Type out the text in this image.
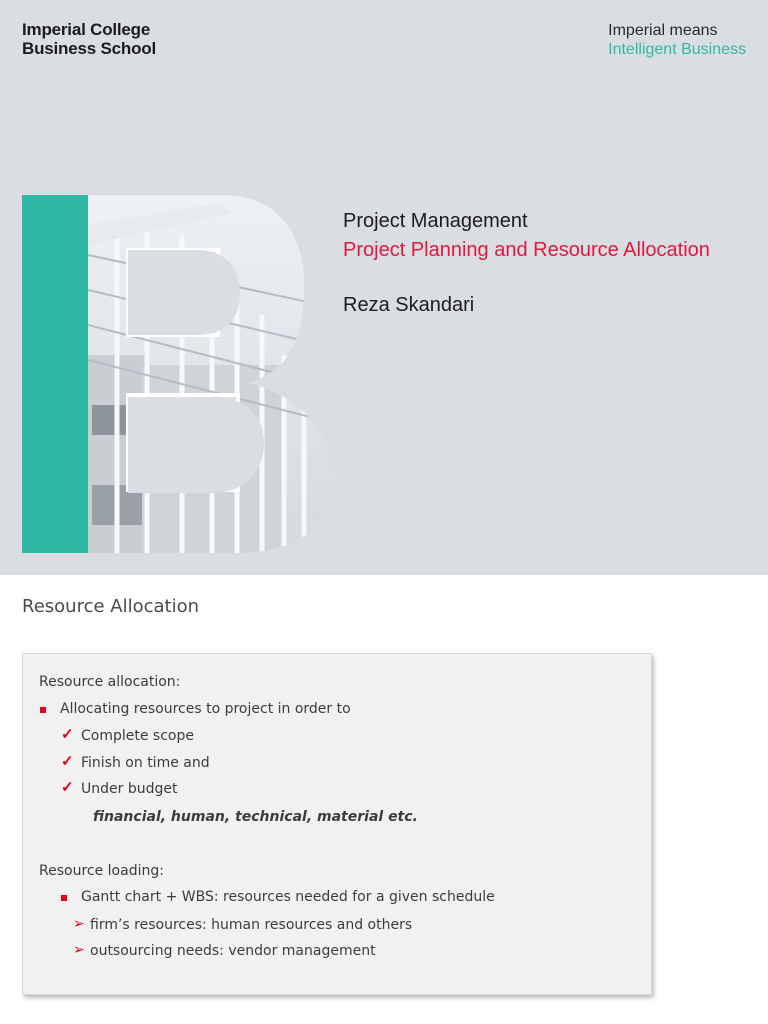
Imperial College
Business School
Imperial means
Intelligent Business
Project Management
Project Planning and Resource Allocation
Reza Skandari
Resource Allocation
Resource allocation:
Allocating resources to project in order to
✓ Complete scope
✓ Finish on time and
✓ Under budget
financial, human, technical, material etc.
Resource loading:
Gantt chart + WBS: resources needed for a given schedule
➢ firm’s resources: human resources and others
➢ outsourcing needs: vendor management
